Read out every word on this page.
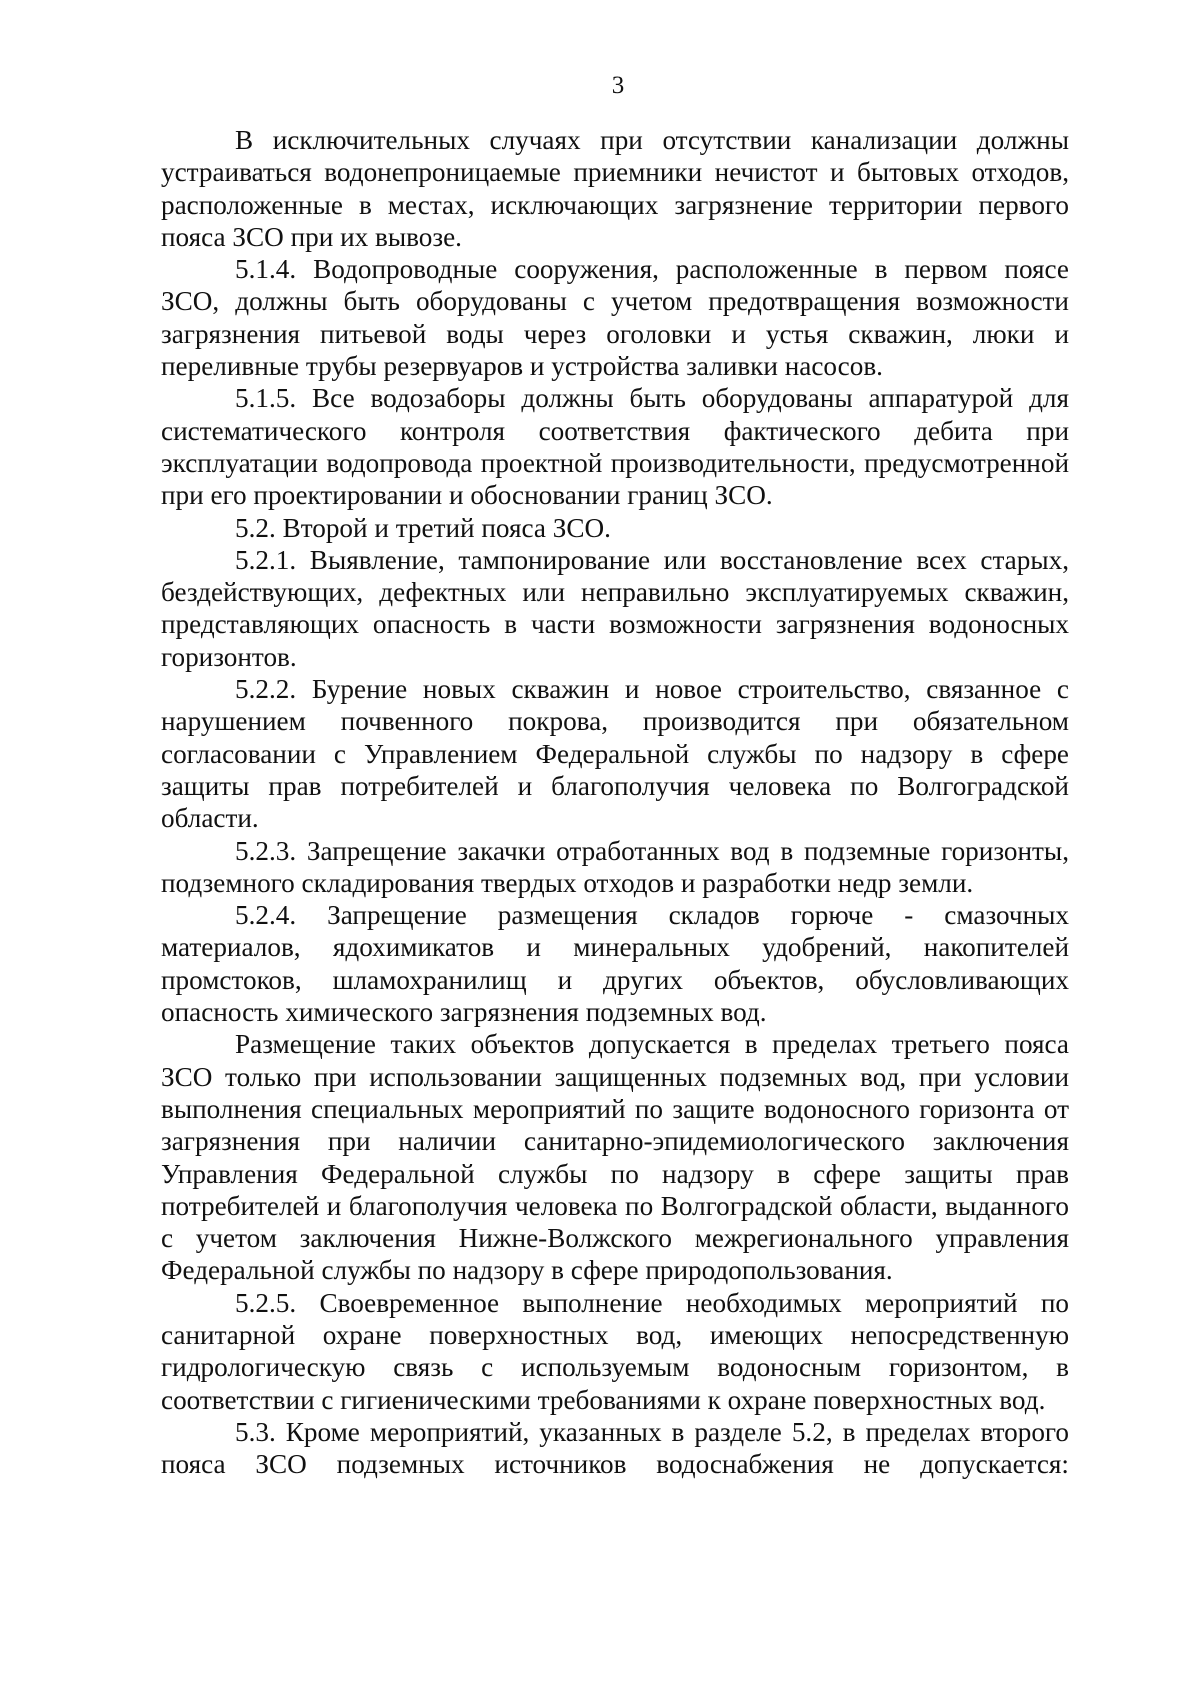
3

В исключительных случаях при отсутствии канализации должны устраиваться водонепроницаемые приемники нечистот и бытовых отходов, расположенные в местах, исключающих загрязнение территории первого пояса ЗСО при их вывозе.

5.1.4. Водопроводные сооружения, расположенные в первом поясе ЗСО, должны быть оборудованы с учетом предотвращения возможности загрязнения питьевой воды через оголовки и устья скважин, люки и переливные трубы резервуаров и устройства заливки насосов.

5.1.5. Все водозаборы должны быть оборудованы аппаратурой для систематического контроля соответствия фактического дебита при эксплуатации водопровода проектной производительности, предусмотренной при его проектировании и обосновании границ ЗСО.

5.2. Второй и третий пояса ЗСО.

5.2.1. Выявление, тампонирование или восстановление всех старых, бездействующих, дефектных или неправильно эксплуатируемых скважин, представляющих опасность в части возможности загрязнения водоносных горизонтов.

5.2.2. Бурение новых скважин и новое строительство, связанное с нарушением почвенного покрова, производится при обязательном согласовании с Управлением Федеральной службы по надзору в сфере защиты прав потребителей и благополучия человека по Волгоградской области.

5.2.3. Запрещение закачки отработанных вод в подземные горизонты, подземного складирования твердых отходов и разработки недр земли.

5.2.4. Запрещение размещения складов горюче - смазочных материалов, ядохимикатов и минеральных удобрений, накопителей промстоков, шламохранилищ и других объектов, обусловливающих опасность химического загрязнения подземных вод.

Размещение таких объектов допускается в пределах третьего пояса ЗСО только при использовании защищенных подземных вод, при условии выполнения специальных мероприятий по защите водоносного горизонта от загрязнения при наличии санитарно-эпидемиологического заключения Управления Федеральной службы по надзору в сфере защиты прав потребителей и благополучия человека по Волгоградской области, выданного с учетом заключения Нижне-Волжского межрегионального управления Федеральной службы по надзору в сфере природопользования.

5.2.5. Своевременное выполнение необходимых мероприятий по санитарной охране поверхностных вод, имеющих непосредственную гидрологическую связь с используемым водоносным горизонтом, в соответствии с гигиеническими требованиями к охране поверхностных вод.

5.3. Кроме мероприятий, указанных в разделе 5.2, в пределах второго пояса ЗСО подземных источников водоснабжения не допускается:
